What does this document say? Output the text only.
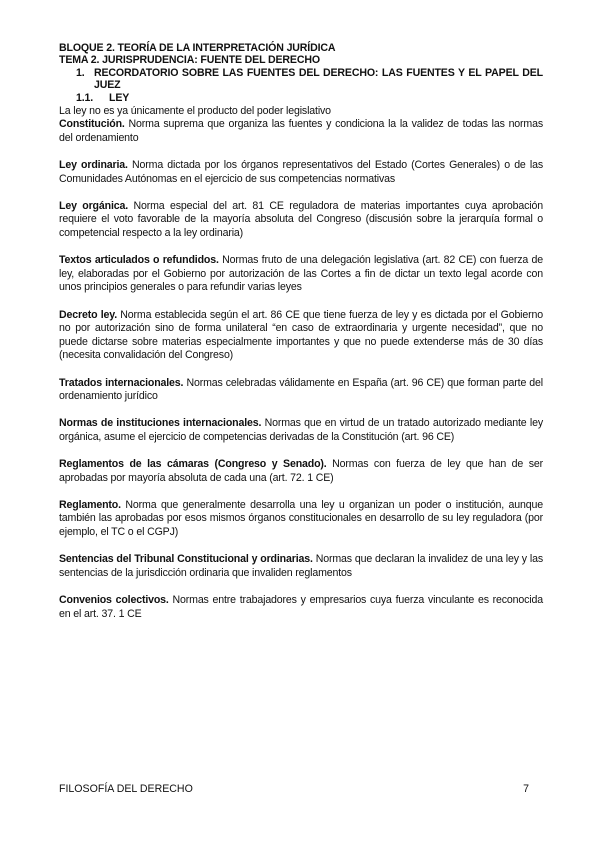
BLOQUE 2. TEORÍA DE LA INTERPRETACIÓN JURÍDICA
TEMA 2. JURISPRUDENCIA: FUENTE DEL DERECHO
1. RECORDATORIO SOBRE LAS FUENTES DEL DERECHO: LAS FUENTES Y EL PAPEL DEL JUEZ
1.1.	LEY

La ley no es ya únicamente el producto del poder legislativo

Constitución. Norma suprema que organiza las fuentes y condiciona la la validez de todas las normas del ordenamiento

Ley ordinaria. Norma dictada por los órganos representativos del Estado (Cortes Generales) o de las Comunidades Autónomas en el ejercicio de sus competencias normativas

Ley orgánica. Norma especial del art. 81 CE reguladora de materias importantes cuya aprobación requiere el voto favorable de la mayoría absoluta del Congreso (discusión sobre la jerarquía formal o competencial respecto a la ley ordinaria)

Textos articulados o refundidos. Normas fruto de una delegación legislativa (art. 82 CE) con fuerza de ley, elaboradas por el Gobierno por autorización de las Cortes a fin de dictar un texto legal acorde con unos principios generales o para refundir varias leyes

Decreto ley. Norma establecida según el art. 86 CE que tiene fuerza de ley y es dictada por el Gobierno no por autorización sino de forma unilateral “en caso de extraordinaria y urgente necesidad”, que no puede dictarse sobre materias especialmente importantes y que no puede extenderse más de 30 días (necesita convalidación del Congreso)

Tratados internacionales. Normas celebradas válidamente en España (art. 96 CE) que forman parte del ordenamiento jurídico

Normas de instituciones internacionales. Normas que en virtud de un tratado autorizado mediante ley orgánica, asume el ejercicio de competencias derivadas de la Constitución (art. 96 CE)

Reglamentos de las cámaras (Congreso y Senado). Normas con fuerza de ley que han de ser aprobadas por mayoría absoluta de cada una (art. 72. 1 CE)

Reglamento. Norma que generalmente desarrolla una ley u organizan un poder o institución, aunque también las aprobadas por esos mismos órganos constitucionales en desarrollo de su ley reguladora (por ejemplo, el TC o el CGPJ)

Sentencias del Tribunal Constitucional y ordinarias. Normas que declaran la invalidez de una ley y las sentencias de la jurisdicción ordinaria que invaliden reglamentos

Convenios colectivos. Normas entre trabajadores y empresarios cuya fuerza vinculante es reconocida en el art. 37. 1 CE

FILOSOFÍA DEL DERECHO	7
